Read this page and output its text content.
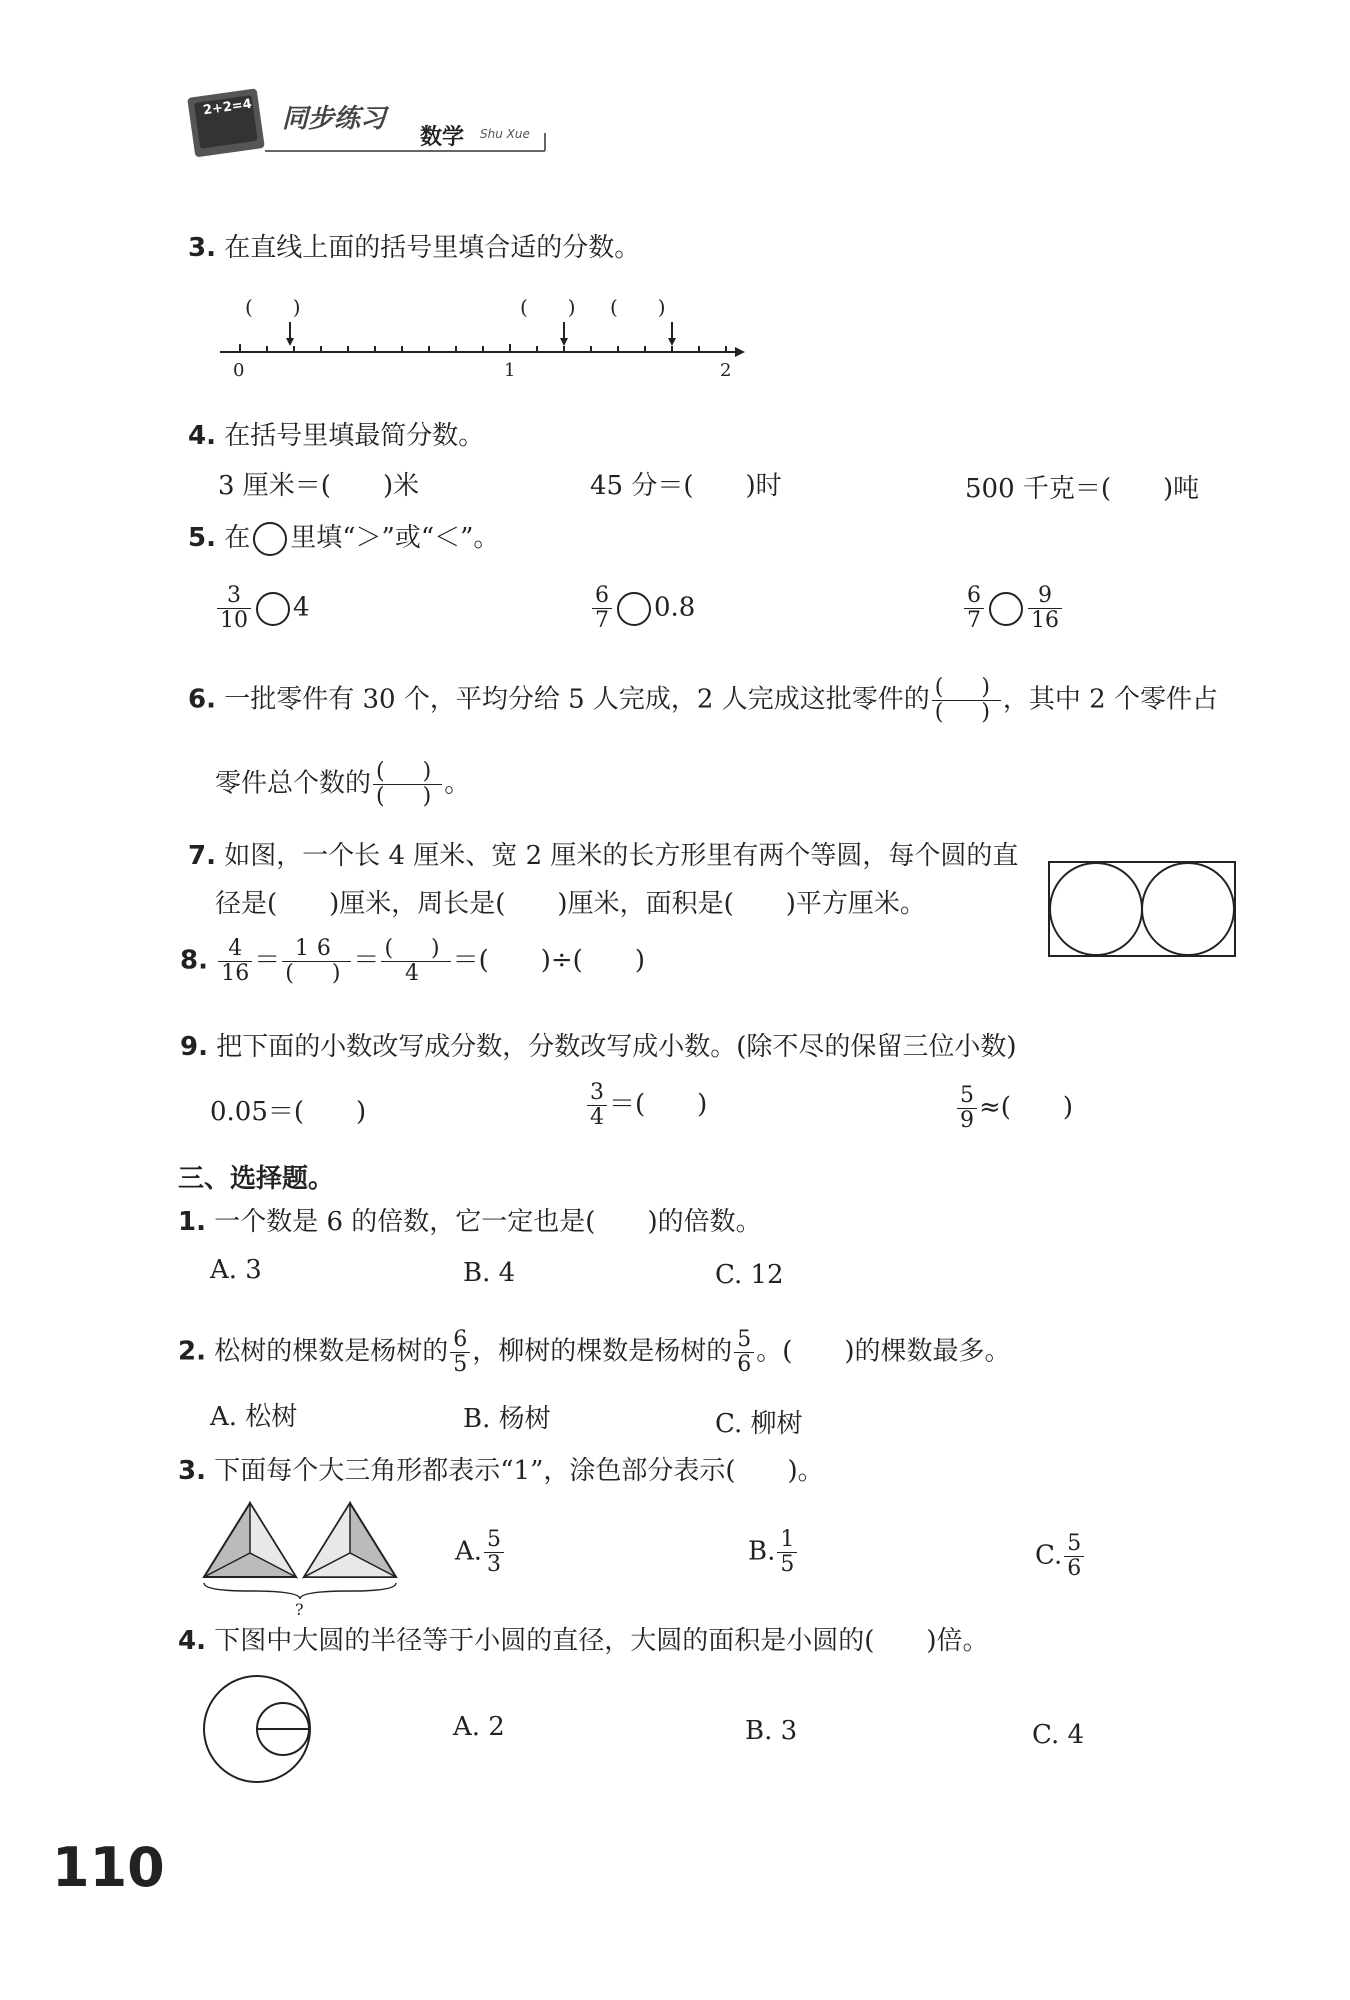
2+2=4 同步练习
数学 Shu Xue
3. 在直线上面的括号里填合适的分数。
(　　)	(　　) (　　)
0	1	2
4. 在括号里填最简分数。
3 厘米＝(　　)米	45 分＝(　　)时	500 千克＝(　　)吨
5. 在 里填“＞”或“＜”。
$\frac{3}{10} 4$	$\frac{6}{7} 0.8$	$\frac{6}{7} \frac{9}{16}$
6. 一批零件有 30 个，平均分给 5 人完成，2 人完成这批零件的 $\frac{( )}{( )}$ ，其中 2 个零件占
零件总个数的 $\frac{( )}{( )}$ 。
7. 如图，一个长 4 厘米、宽 2 厘米的长方形里有两个等圆，每个圆的直
径是(　　)厘米，周长是(　　)厘米，面积是(　　)平方厘米。
8. $\frac{4}{16} = \frac{16}{( )} = \frac{( )}{4}$ ＝(　　)÷(　　)
9. 把下面的小数改写成分数，分数改写成小数。(除不尽的保留三位小数)
0.05＝(　　)	$\frac{3}{4}$ ＝(　　)	$\frac{5}{9}$ ≈(　　)
三、选择题。
1. 一个数是 6 的倍数，它一定也是(　　)的倍数。
A. 3	B. 4	C. 12
2. 松树的棵数是杨树的 $\frac{6}{5}$ ，柳树的棵数是杨树的 $\frac{5}{6}$ 。(　　)的棵数最多。
A. 松树	B. 杨树	C. 柳树
3. 下面每个大三角形都表示“1”，涂色部分表示(　　)。
?
A. $\frac{5}{3}$	B. $\frac{1}{5}$	C. $\frac{5}{6}$
4. 下图中大圆的半径等于小圆的直径，大圆的面积是小圆的(　　)倍。
A. 2	B. 3	C. 4
110
